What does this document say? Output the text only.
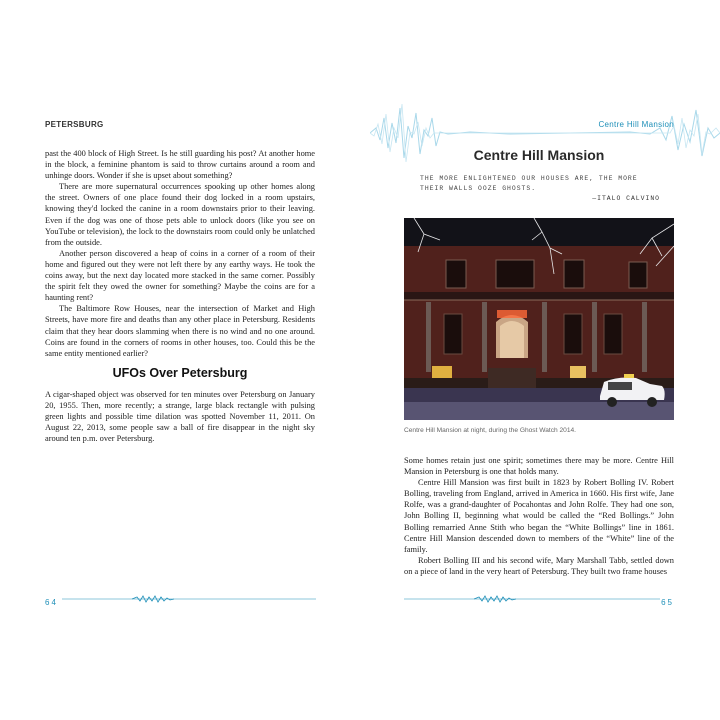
PETERSBURG

past the 400 block of High Street. Is he still guarding his post? At another home in the block, a feminine phantom is said to throw curtains around a room and unhinge doors. Wonder if she is upset about something?

There are more supernatural occurrences spooking up other homes along the street. Owners of one place found their dog locked in a room upstairs, knowing they'd locked the canine in a room downstairs prior to their leaving. Even if the dog was one of those pets able to unlock doors (like you see on YouTube or television), the lock to the downstairs room could only be unlatched from the outside.

Another person discovered a heap of coins in a corner of a room of their home and figured out they were not left there by any earthy ways. He took the coins away, but the next day located more stacked in the same corner. Possibly the spirit felt they owed the owner for something? Maybe the coins are for a haunting rent?

The Baltimore Row Houses, near the intersection of Market and High Streets, have more fire and deaths than any other place in Petersburg. Residents claim that they hear doors slamming when there is no wind and no one around. Coins are found in the corners of rooms in other houses, too. Could this be the same entity mentioned earlier?

UFOs Over Petersburg

A cigar-shaped object was observed for ten minutes over Petersburg on January 20, 1955. Then, more recently; a strange, large black rectangle with pulsing green lights and possible time dilation was spotted November 11, 2011. On August 22, 2013, some people saw a ball of fire disappear in the night sky around ten p.m. over Petersburg.

64
Centre Hill Mansion
Centre Hill Mansion
THE MORE ENLIGHTENED OUR HOUSES ARE, THE MORE THEIR WALLS OOZE GHOSTS.
—ITALO CALVINO
Centre Hill Mansion at night, during the Ghost Watch 2014.

Some homes retain just one spirit; sometimes there may be more. Centre Hill Mansion in Petersburg is one that holds many.

Centre Hill Mansion was first built in 1823 by Robert Bolling IV. Robert Bolling, traveling from England, arrived in America in 1660. His first wife, Jane Rolfe, was a grand-daughter of Pocahontas and John Rolfe. They had one son, John Bolling II, beginning what would be called the “Red Bollings.” John Bolling remarried Anne Stith who began the “White Bollings” line in 1861. Centre Hill Mansion descended down to members of the “White” line of the family.

Robert Bolling III and his second wife, Mary Marshall Tabb, settled down on a piece of land in the very heart of Petersburg. They built two frame houses

65
